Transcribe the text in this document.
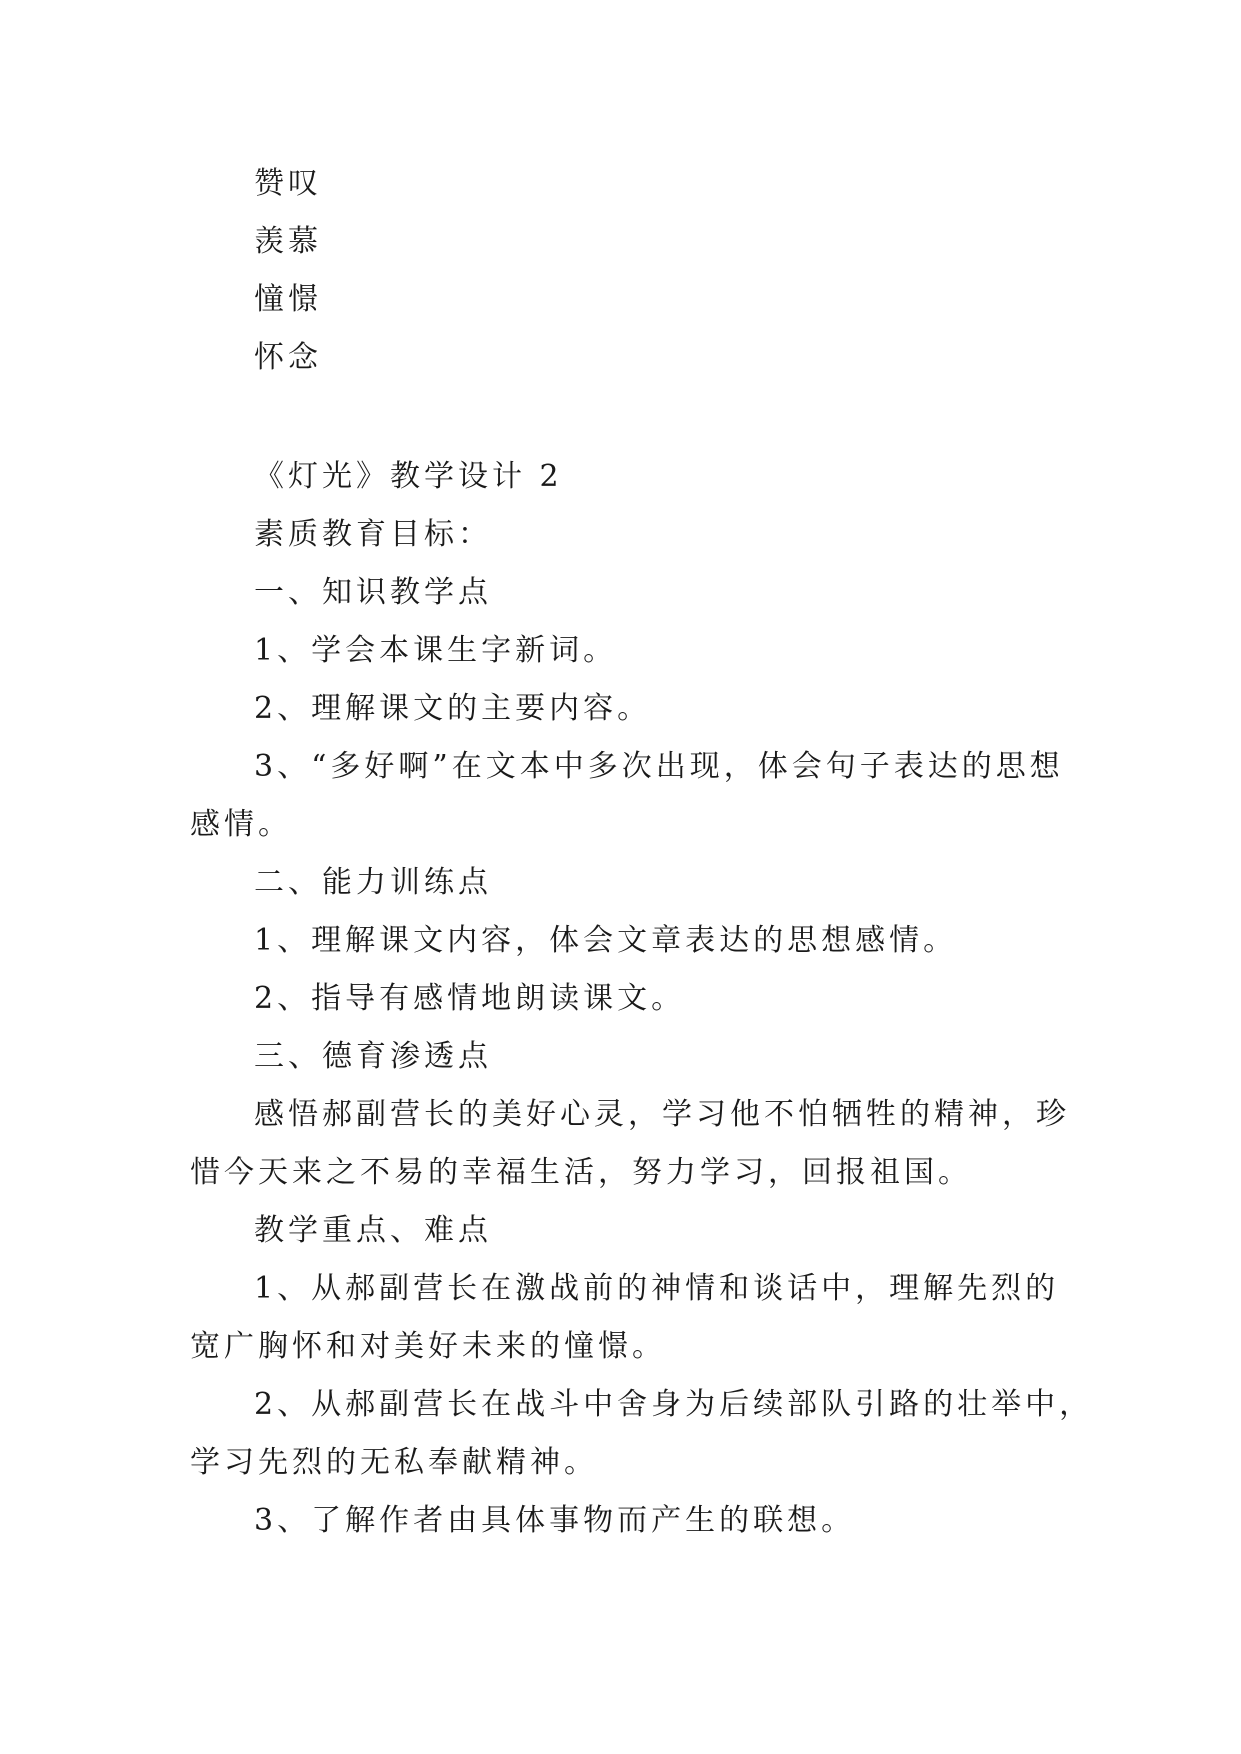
赞叹
羡慕
憧憬
怀念
《灯光》教学设计 2
素质教育目标：
一、知识教学点
1、学会本课生字新词。
2、理解课文的主要内容。
3、“多好啊”在文本中多次出现，体会句子表达的思想
感情。
二、能力训练点
1、理解课文内容，体会文章表达的思想感情。
2、指导有感情地朗读课文。
三、德育渗透点
感悟郝副营长的美好心灵，学习他不怕牺牲的精神，珍
惜今天来之不易的幸福生活，努力学习，回报祖国。
教学重点、难点
1、从郝副营长在激战前的神情和谈话中，理解先烈的
宽广胸怀和对美好未来的憧憬。
2、从郝副营长在战斗中舍身为后续部队引路的壮举中，
学习先烈的无私奉献精神。
3、了解作者由具体事物而产生的联想。
